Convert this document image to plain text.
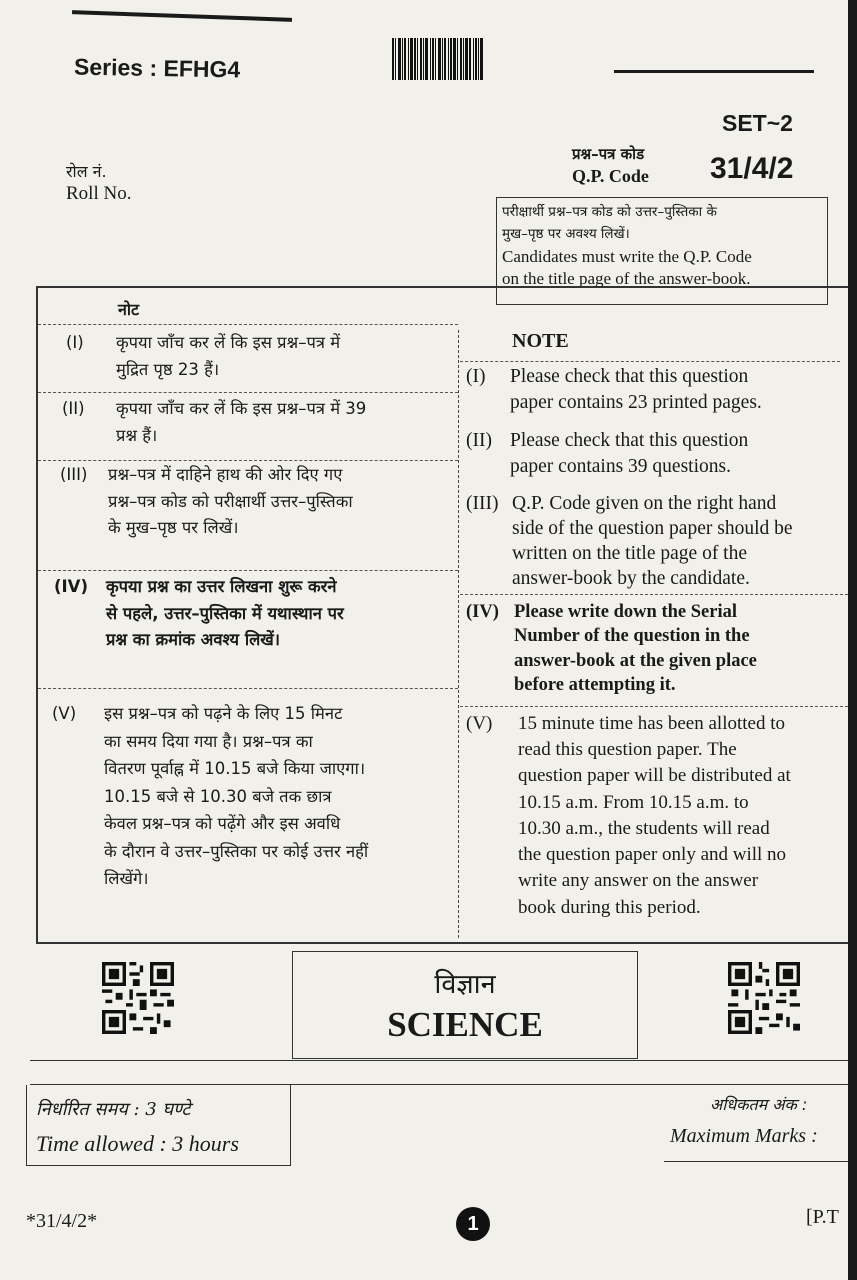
Series : EFHG4
SET~2
प्रश्न–पत्र कोड
Q.P. Code 31/4/2
रोल नं.
Roll No.
परीक्षार्थी प्रश्न–पत्र कोड को उत्तर–पुस्तिका के
मुख–पृष्ठ पर अवश्य लिखें।
Candidates must write the Q.P. Code
on the title page of the answer-book.
नोट
NOTE
(I) कृपया जाँच कर लें कि इस प्रश्न–पत्र में
मुद्रित पृष्ठ 23 हैं।
(II) कृपया जाँच कर लें कि इस प्रश्न–पत्र में 39
प्रश्न हैं।
(III) प्रश्न–पत्र में दाहिने हाथ की ओर दिए गए
प्रश्न–पत्र कोड को परीक्षार्थी उत्तर–पुस्तिका
के मुख–पृष्ठ पर लिखें।
(IV) कृपया प्रश्न का उत्तर लिखना शुरू करने
से पहले, उत्तर–पुस्तिका में यथास्थान पर
प्रश्न का क्रमांक अवश्य लिखें।
(V) इस प्रश्न–पत्र को पढ़ने के लिए 15 मिनट
का समय दिया गया है। प्रश्न–पत्र का
वितरण पूर्वाह्न में 10.15 बजे किया जाएगा।
10.15 बजे से 10.30 बजे तक छात्र
केवल प्रश्न–पत्र को पढ़ेंगे और इस अवधि
के दौरान वे उत्तर–पुस्तिका पर कोई उत्तर नहीं
लिखेंगे।
(I) Please check that this question
paper contains 23 printed pages.
(II) Please check that this question
paper contains 39 questions.
(III) Q.P. Code given on the right hand
side of the question paper should be
written on the title page of the
answer-book by the candidate.
(IV) Please write down the Serial
Number of the question in the
answer-book at the given place
before attempting it.
(V) 15 minute time has been allotted to
read this question paper. The
question paper will be distributed at
10.15 a.m. From 10.15 a.m. to
10.30 a.m., the students will read
the question paper only and will no
write any answer on the answer
book during this period.
विज्ञान
SCIENCE
निर्धारित समय : 3 घण्टे
Time allowed : 3 hours
अधिकतम अंक :
Maximum Marks :
*31/4/2*	1	[P.T
